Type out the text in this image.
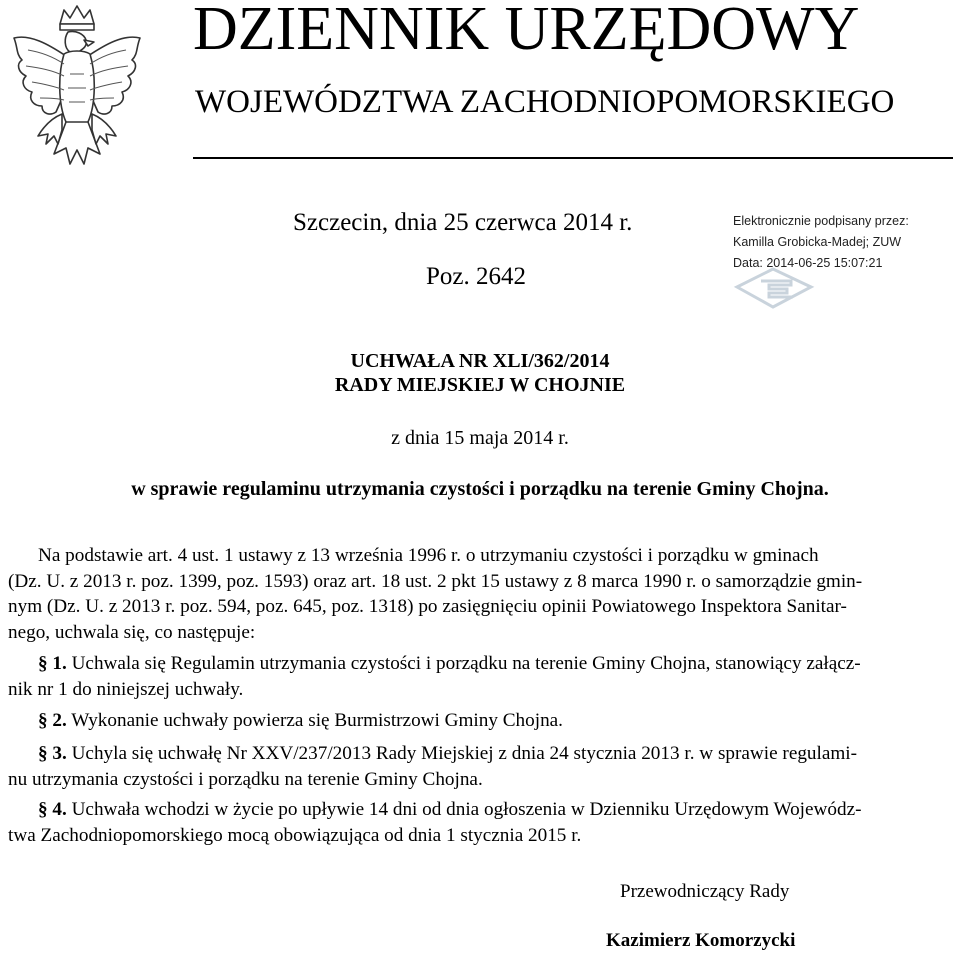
DZIENNIK URZĘDOWY
WOJEWÓDZTWA ZACHODNIOPOMORSKIEGO
Szczecin, dnia 25 czerwca 2014 r.
Poz. 2642
Elektronicznie podpisany przez:
Kamilla Grobicka-Madej; ZUW
Data: 2014-06-25 15:07:21
UCHWAŁA NR XLI/362/2014
RADY MIEJSKIEJ W CHOJNIE
z dnia 15 maja 2014 r.
w sprawie regulaminu utrzymania czystości i porządku na terenie Gminy Chojna.
Na podstawie art. 4 ust. 1 ustawy z 13 września 1996 r. o utrzymaniu czystości i porządku w gminach
(Dz. U. z 2013 r. poz. 1399, poz. 1593) oraz art. 18 ust. 2 pkt 15 ustawy z 8 marca 1990 r. o samorządzie gmin-
nym (Dz. U. z 2013 r. poz. 594, poz. 645, poz. 1318) po zasięgnięciu opinii Powiatowego Inspektora Sanitar-
nego, uchwala się, co następuje:
§ 1. Uchwala się Regulamin utrzymania czystości i porządku na terenie Gminy Chojna, stanowiący załącz-
nik nr 1 do niniejszej uchwały.
§ 2. Wykonanie uchwały powierza się Burmistrzowi Gminy Chojna.
§ 3. Uchyla się uchwałę Nr XXV/237/2013 Rady Miejskiej z dnia 24 stycznia 2013 r. w sprawie regulami-
nu utrzymania czystości i porządku na terenie Gminy Chojna.
§ 4. Uchwała wchodzi w życie po upływie 14 dni od dnia ogłoszenia w Dzienniku Urzędowym Wojewódz-
twa Zachodniopomorskiego mocą obowiązująca od dnia 1 stycznia 2015 r.
Przewodniczący Rady
Kazimierz Komorzycki
